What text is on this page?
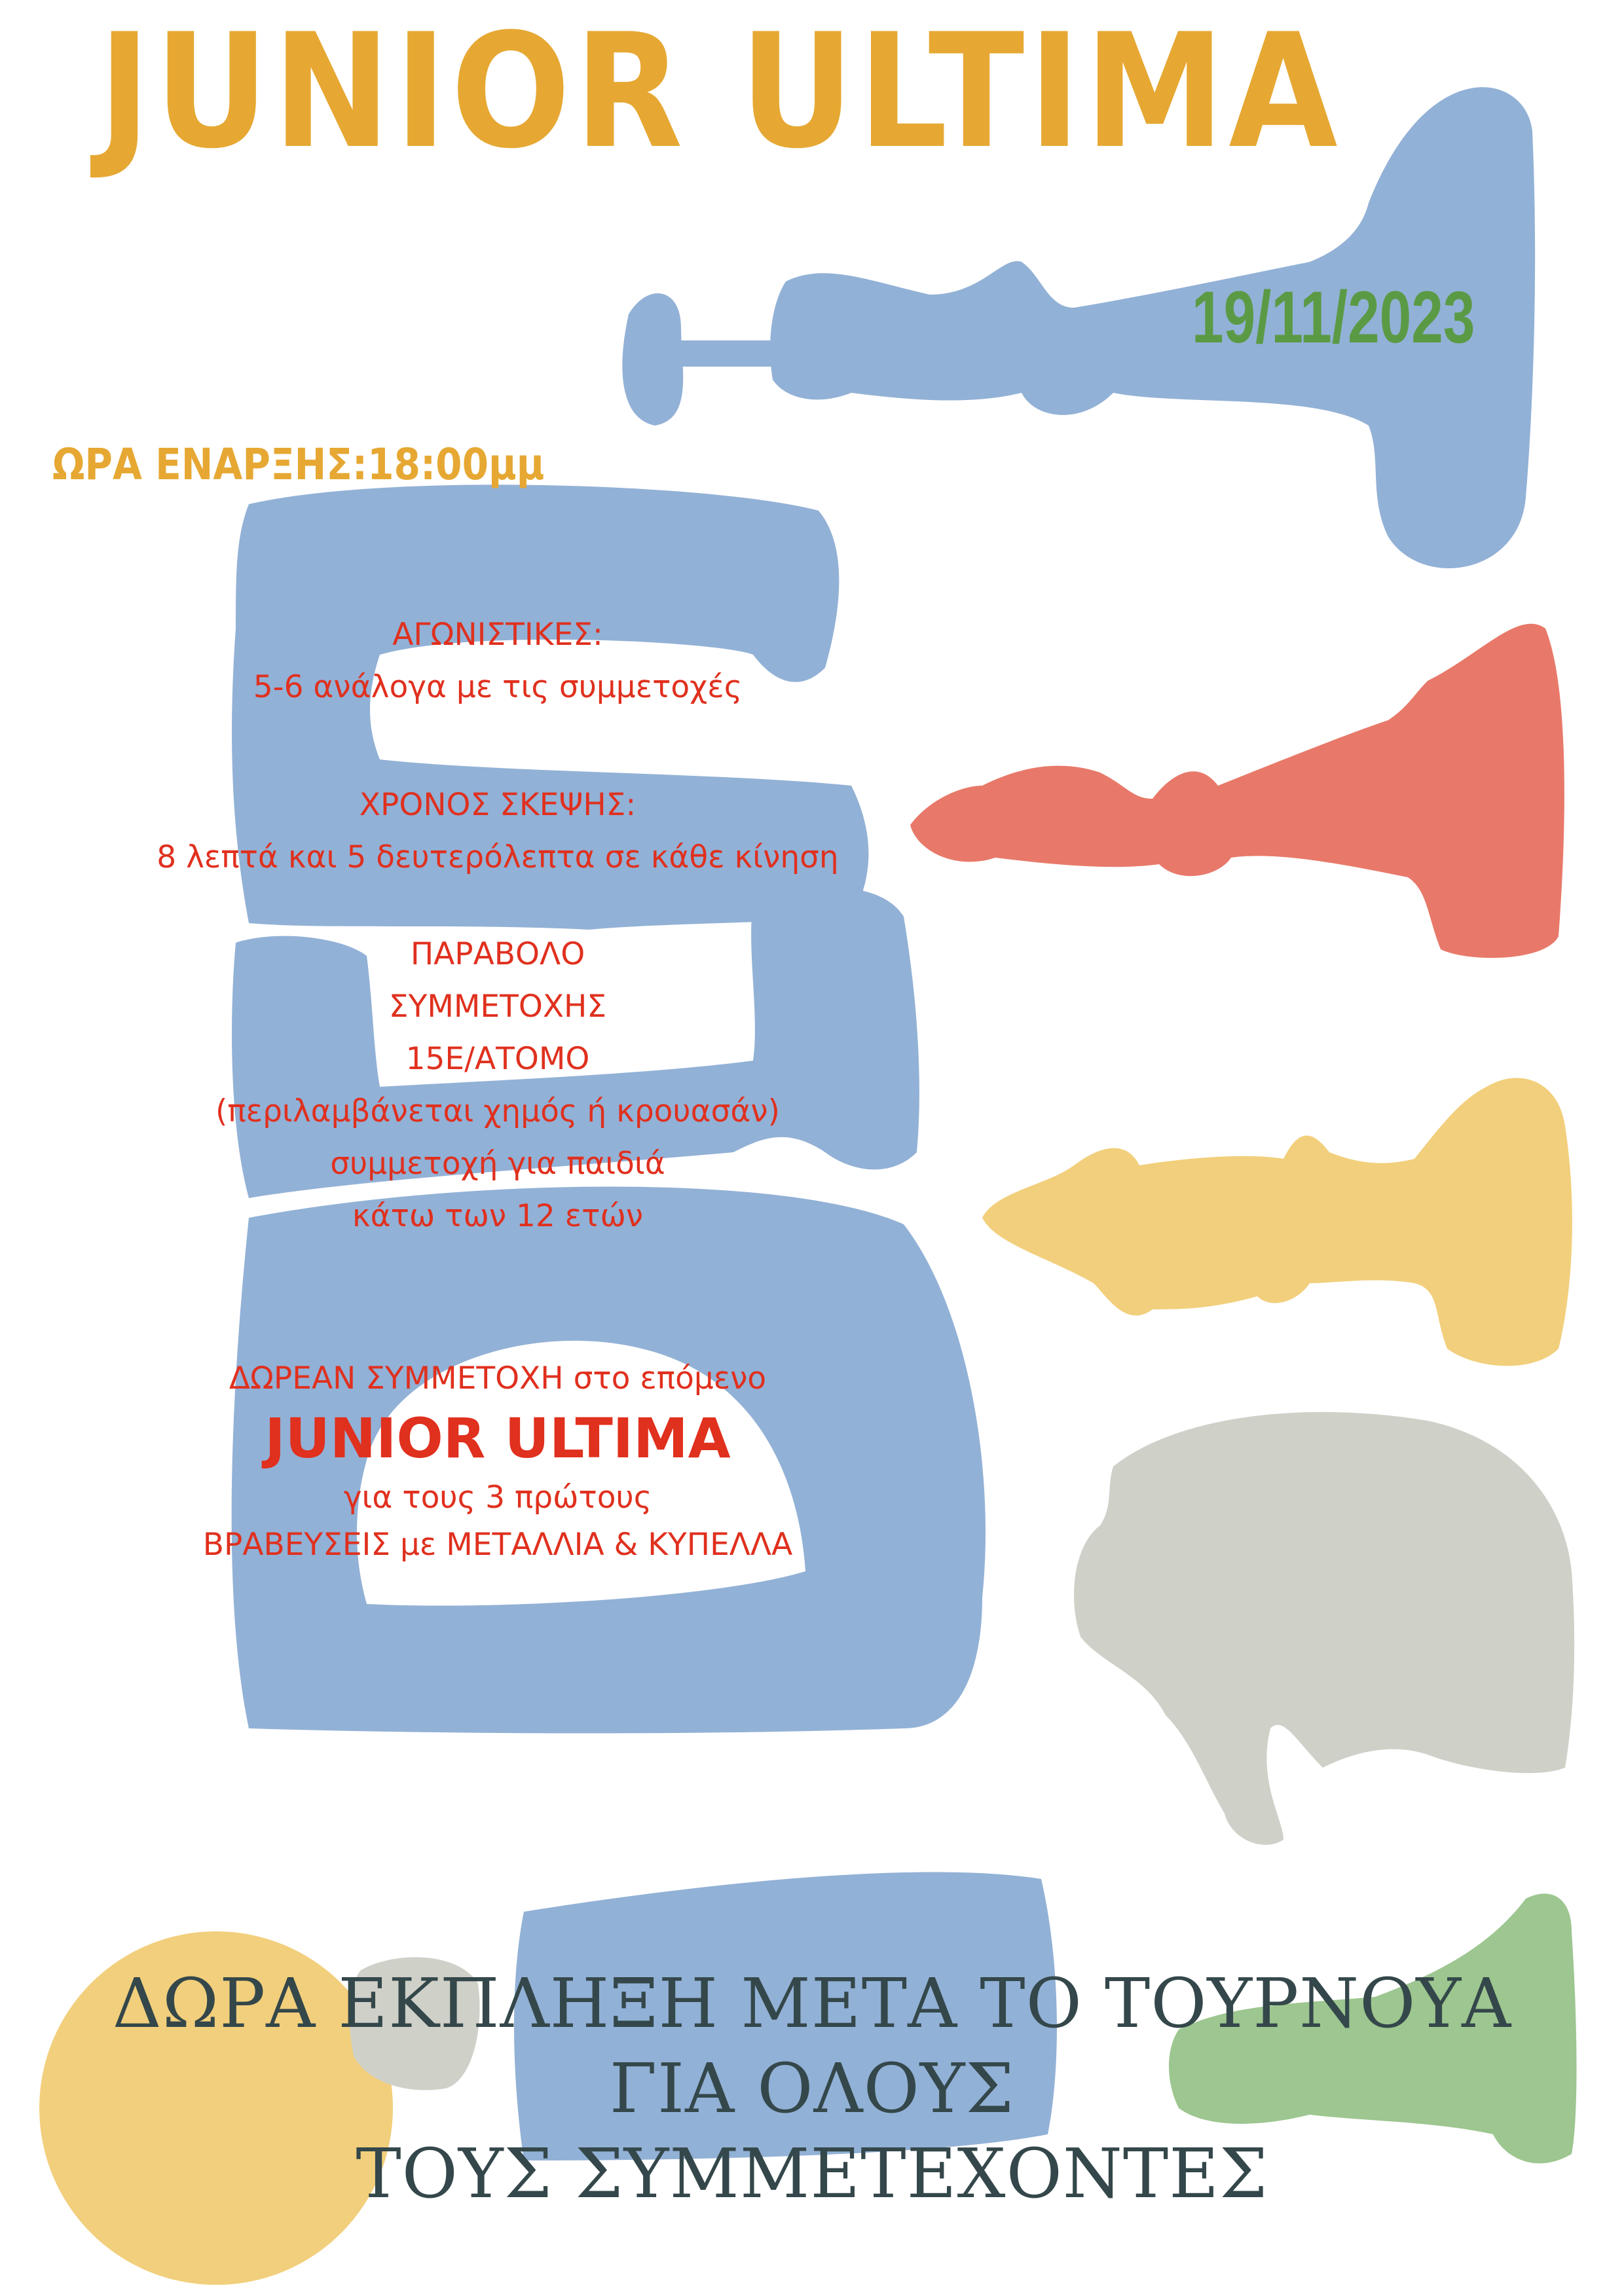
JUNIOR ULTIMA
19/11/2023
ΩΡΑ ΕΝΑΡΞΗΣ:18:00μμ
ΑΓΩΝΙΣΤΙΚΕΣ:
5-6 ανάλογα με τις συμμετοχές
ΧΡΟΝΟΣ ΣΚΕΨΗΣ:
8 λεπτά και 5 δευτερόλεπτα σε κάθε κίνηση
ΠΑΡΑΒΟΛΟ
ΣΥΜΜΕΤΟΧΗΣ
15Ε/ΑΤΟΜΟ
(περιλαμβάνεται χημός ή κρουασάν)
συμμετοχή για παιδιά
κάτω των 12 ετών
ΔΩΡΕΑΝ ΣΥΜΜΕΤΟΧΗ στο επόμενο
JUNIOR ULTIMA
για τους 3 πρώτους
ΒΡΑΒΕΥΣΕΙΣ με ΜΕΤΑΛΛΙΑ & ΚΥΠΕΛΛΑ
ΔΩΡΑ ΕΚΠΛΗΞΗ ΜΕΤΑ ΤΟ ΤΟΥΡΝΟΥΑ
ΓΙΑ ΟΛΟΥΣ
ΤΟΥΣ ΣΥΜΜΕΤΕΧΟΝΤΕΣ
